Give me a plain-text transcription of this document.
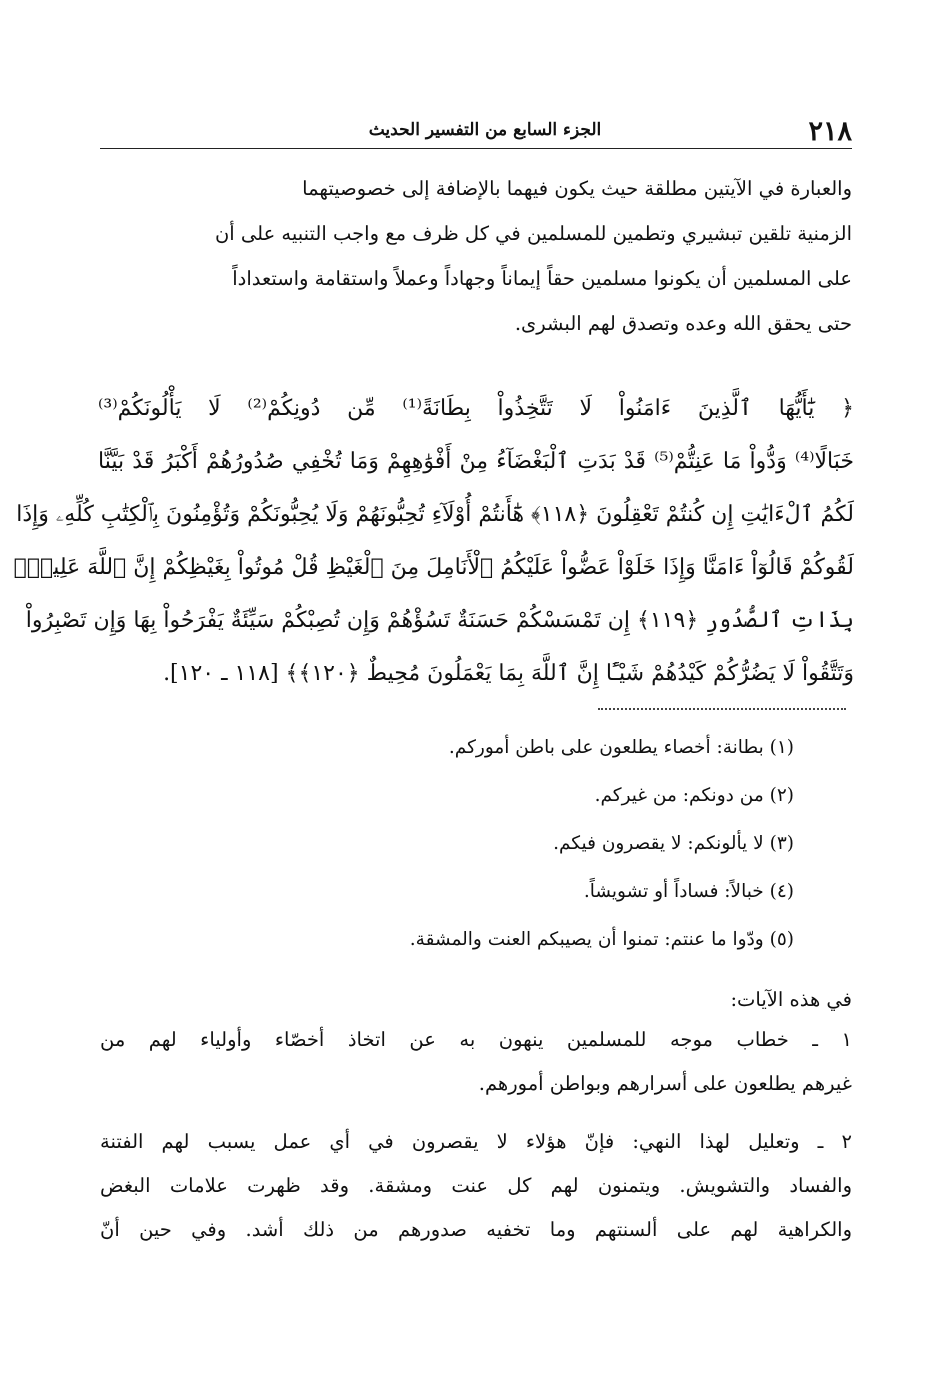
٢١٨
الجزء السابع من التفسير الحديث

والعبارة في الآيتين مطلقة حيث يكون فيهما بالإضافة إلى خصوصيتهما

الزمنية تلقين تبشيري وتطمين للمسلمين في كل ظرف مع واجب التنبيه على أن

على المسلمين أن يكونوا مسلمين حقاً إيماناً وجهاداً وعملاً واستقامة واستعداداً

حتى يحقق الله وعده وتصدق لهم البشرى.

﴿ يَٰٓأَيُّهَا ٱلَّذِينَ ءَامَنُواْ لَا تَتَّخِذُواْ بِطَانَةً⁽¹⁾ مِّن دُونِكُمْ⁽²⁾ لَا يَأْلُونَكُمْ⁽³⁾

خَبَالًا⁽⁴⁾ وَدُّواْ مَا عَنِتُّمْ⁽⁵⁾ قَدْ بَدَتِ ٱلْبَغْضَآءُ مِنْ أَفْوَٰهِهِمْ وَمَا تُخْفِي صُدُورُهُمْ أَكْبَرُ قَدْ بَيَّنَّا

لَكُمُ ٱلْءَايَٰتِ إِن كُنتُمْ تَعْقِلُونَ ﴿١١٨﴾ هَٰٓأَنتُمْ أُوْلَآءِ تُحِبُّونَهُمْ وَلَا يُحِبُّونَكُمْ وَتُؤْمِنُونَ بِٱلْكِتَٰبِ كُلِّهِۦ وَإِذَا

لَقُوكُمْ قَالُوٓاْ ءَامَنَّا وَإِذَا خَلَوْاْ عَضُّواْ عَلَيْكُمُ ٱلْأَنَامِلَ مِنَ ٱلْغَيْظِ قُلْ مُوتُواْ بِغَيْظِكُمْ إِنَّ ٱللَّهَ عَلِيمٌۢ

بِذَاتِ ٱلصُّدُورِ ﴿١١٩﴾ إِن تَمْسَسْكُمْ حَسَنَةٌ تَسُؤْهُمْ وَإِن تُصِبْكُمْ سَيِّئَةٌ يَفْرَحُواْ بِهَا وَإِن تَصْبِرُواْ

وَتَتَّقُواْ لَا يَضُرُّكُمْ كَيْدُهُمْ شَيْـًٔا إِنَّ ٱللَّهَ بِمَا يَعْمَلُونَ مُحِيطٌ ﴿١٢٠﴾﴾ [١١٨ ـ ١٢٠].

(١) بطانة: أخصاء يطلعون على باطن أموركم.

(٢) من دونكم: من غيركم.

(٣) لا يألونكم: لا يقصرون فيكم.

(٤) خبالاً: فساداً أو تشويشاً.

(٥) ودّوا ما عنتم: تمنوا أن يصيبكم العنت والمشقة.

في هذه الآيات:

١ ـ خطاب موجه للمسلمين ينهون به عن اتخاذ أخصّاء وأولياء لهم من

غيرهم يطلعون على أسرارهم وبواطن أمورهم.

٢ ـ وتعليل لهذا النهي: فإنّ هؤلاء لا يقصرون في أي عمل يسبب لهم الفتنة

والفساد والتشويش. ويتمنون لهم كل عنت ومشقة. وقد ظهرت علامات البغض

والكراهية لهم على ألسنتهم وما تخفيه صدورهم من ذلك أشد. وفي حين أنّ
